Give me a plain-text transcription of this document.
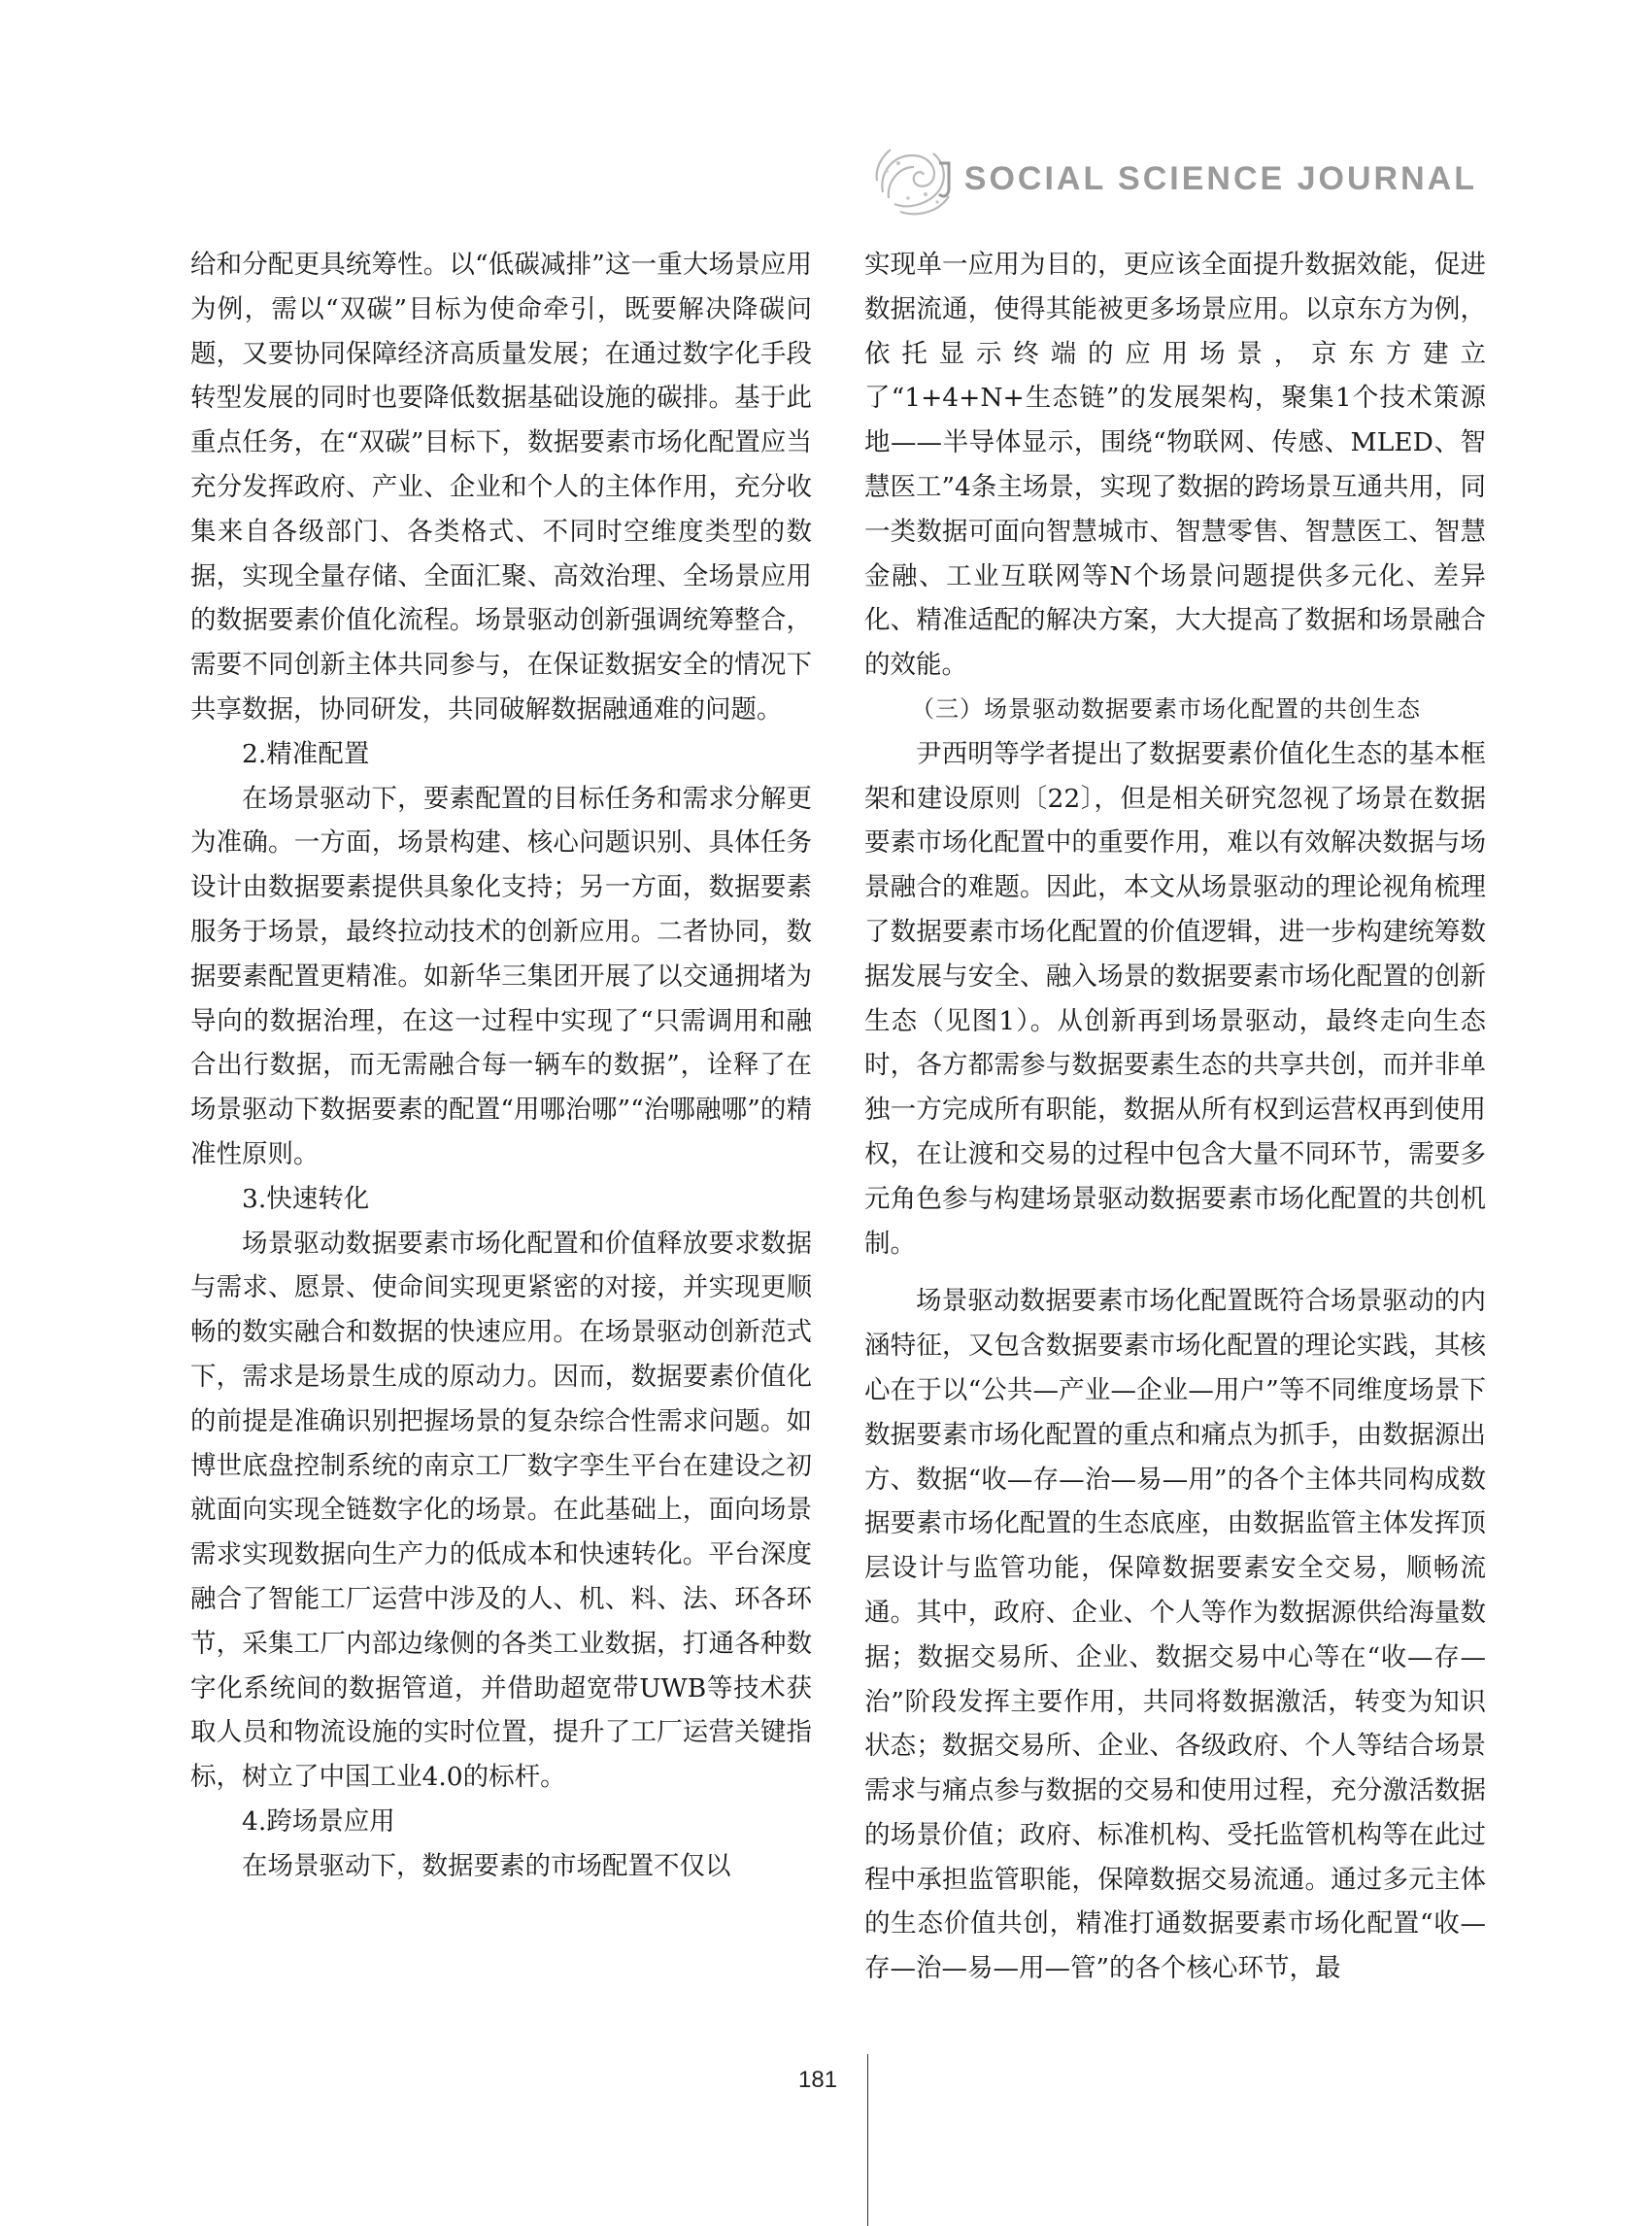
SOCIAL SCIENCE JOURNAL

给和分配更具统筹性。以“低碳减排”这一重大场景应用为例，需以“双碳”目标为使命牵引，既要解决降碳问题，又要协同保障经济高质量发展；在通过数字化手段转型发展的同时也要降低数据基础设施的碳排。基于此重点任务，在“双碳”目标下，数据要素市场化配置应当充分发挥政府、产业、企业和个人的主体作用，充分收集来自各级部门、各类格式、不同时空维度类型的数据，实现全量存储、全面汇聚、高效治理、全场景应用的数据要素价值化流程。场景驱动创新强调统筹整合，需要不同创新主体共同参与，在保证数据安全的情况下共享数据，协同研发，共同破解数据融通难的问题。

2.精准配置

在场景驱动下，要素配置的目标任务和需求分解更为准确。一方面，场景构建、核心问题识别、具体任务设计由数据要素提供具象化支持；另一方面，数据要素服务于场景，最终拉动技术的创新应用。二者协同，数据要素配置更精准。如新华三集团开展了以交通拥堵为导向的数据治理，在这一过程中实现了“只需调用和融合出行数据，而无需融合每一辆车的数据”，诠释了在场景驱动下数据要素的配置“用哪治哪”“治哪融哪”的精准性原则。

3.快速转化

场景驱动数据要素市场化配置和价值释放要求数据与需求、愿景、使命间实现更紧密的对接，并实现更顺畅的数实融合和数据的快速应用。在场景驱动创新范式下，需求是场景生成的原动力。因而，数据要素价值化的前提是准确识别把握场景的复杂综合性需求问题。如博世底盘控制系统的南京工厂数字孪生平台在建设之初就面向实现全链数字化的场景。在此基础上，面向场景需求实现数据向生产力的低成本和快速转化。平台深度融合了智能工厂运营中涉及的人、机、料、法、环各环节，采集工厂内部边缘侧的各类工业数据，打通各种数字化系统间的数据管道，并借助超宽带UWB等技术获取人员和物流设施的实时位置，提升了工厂运营关键指标，树立了中国工业4.0的标杆。

4.跨场景应用

在场景驱动下，数据要素的市场配置不仅以

实现单一应用为目的，更应该全面提升数据效能，促进数据流通，使得其能被更多场景应用。以京东方为例，依托显示终端的应用场景，京东方建立了“1+4+N+生态链”的发展架构，聚集1个技术策源地——半导体显示，围绕“物联网、传感、MLED、智慧医工”4条主场景，实现了数据的跨场景互通共用，同一类数据可面向智慧城市、智慧零售、智慧医工、智慧金融、工业互联网等N个场景问题提供多元化、差异化、精准适配的解决方案，大大提高了数据和场景融合的效能。

（三）场景驱动数据要素市场化配置的共创生态

尹西明等学者提出了数据要素价值化生态的基本框架和建设原则〔22〕，但是相关研究忽视了场景在数据要素市场化配置中的重要作用，难以有效解决数据与场景融合的难题。因此，本文从场景驱动的理论视角梳理了数据要素市场化配置的价值逻辑，进一步构建统筹数据发展与安全、融入场景的数据要素市场化配置的创新生态（见图1）。从创新再到场景驱动，最终走向生态时，各方都需参与数据要素生态的共享共创，而并非单独一方完成所有职能，数据从所有权到运营权再到使用权，在让渡和交易的过程中包含大量不同环节，需要多元角色参与构建场景驱动数据要素市场化配置的共创机制。

场景驱动数据要素市场化配置既符合场景驱动的内涵特征，又包含数据要素市场化配置的理论实践，其核心在于以“公共—产业—企业—用户”等不同维度场景下数据要素市场化配置的重点和痛点为抓手，由数据源出方、数据“收—存—治—易—用”的各个主体共同构成数据要素市场化配置的生态底座，由数据监管主体发挥顶层设计与监管功能，保障数据要素安全交易，顺畅流通。其中，政府、企业、个人等作为数据源供给海量数据；数据交易所、企业、数据交易中心等在“收—存—治”阶段发挥主要作用，共同将数据激活，转变为知识状态；数据交易所、企业、各级政府、个人等结合场景需求与痛点参与数据的交易和使用过程，充分激活数据的场景价值；政府、标准机构、受托监管机构等在此过程中承担监管职能，保障数据交易流通。通过多元主体的生态价值共创，精准打通数据要素市场化配置“收—存—治—易—用—管”的各个核心环节，最

181
